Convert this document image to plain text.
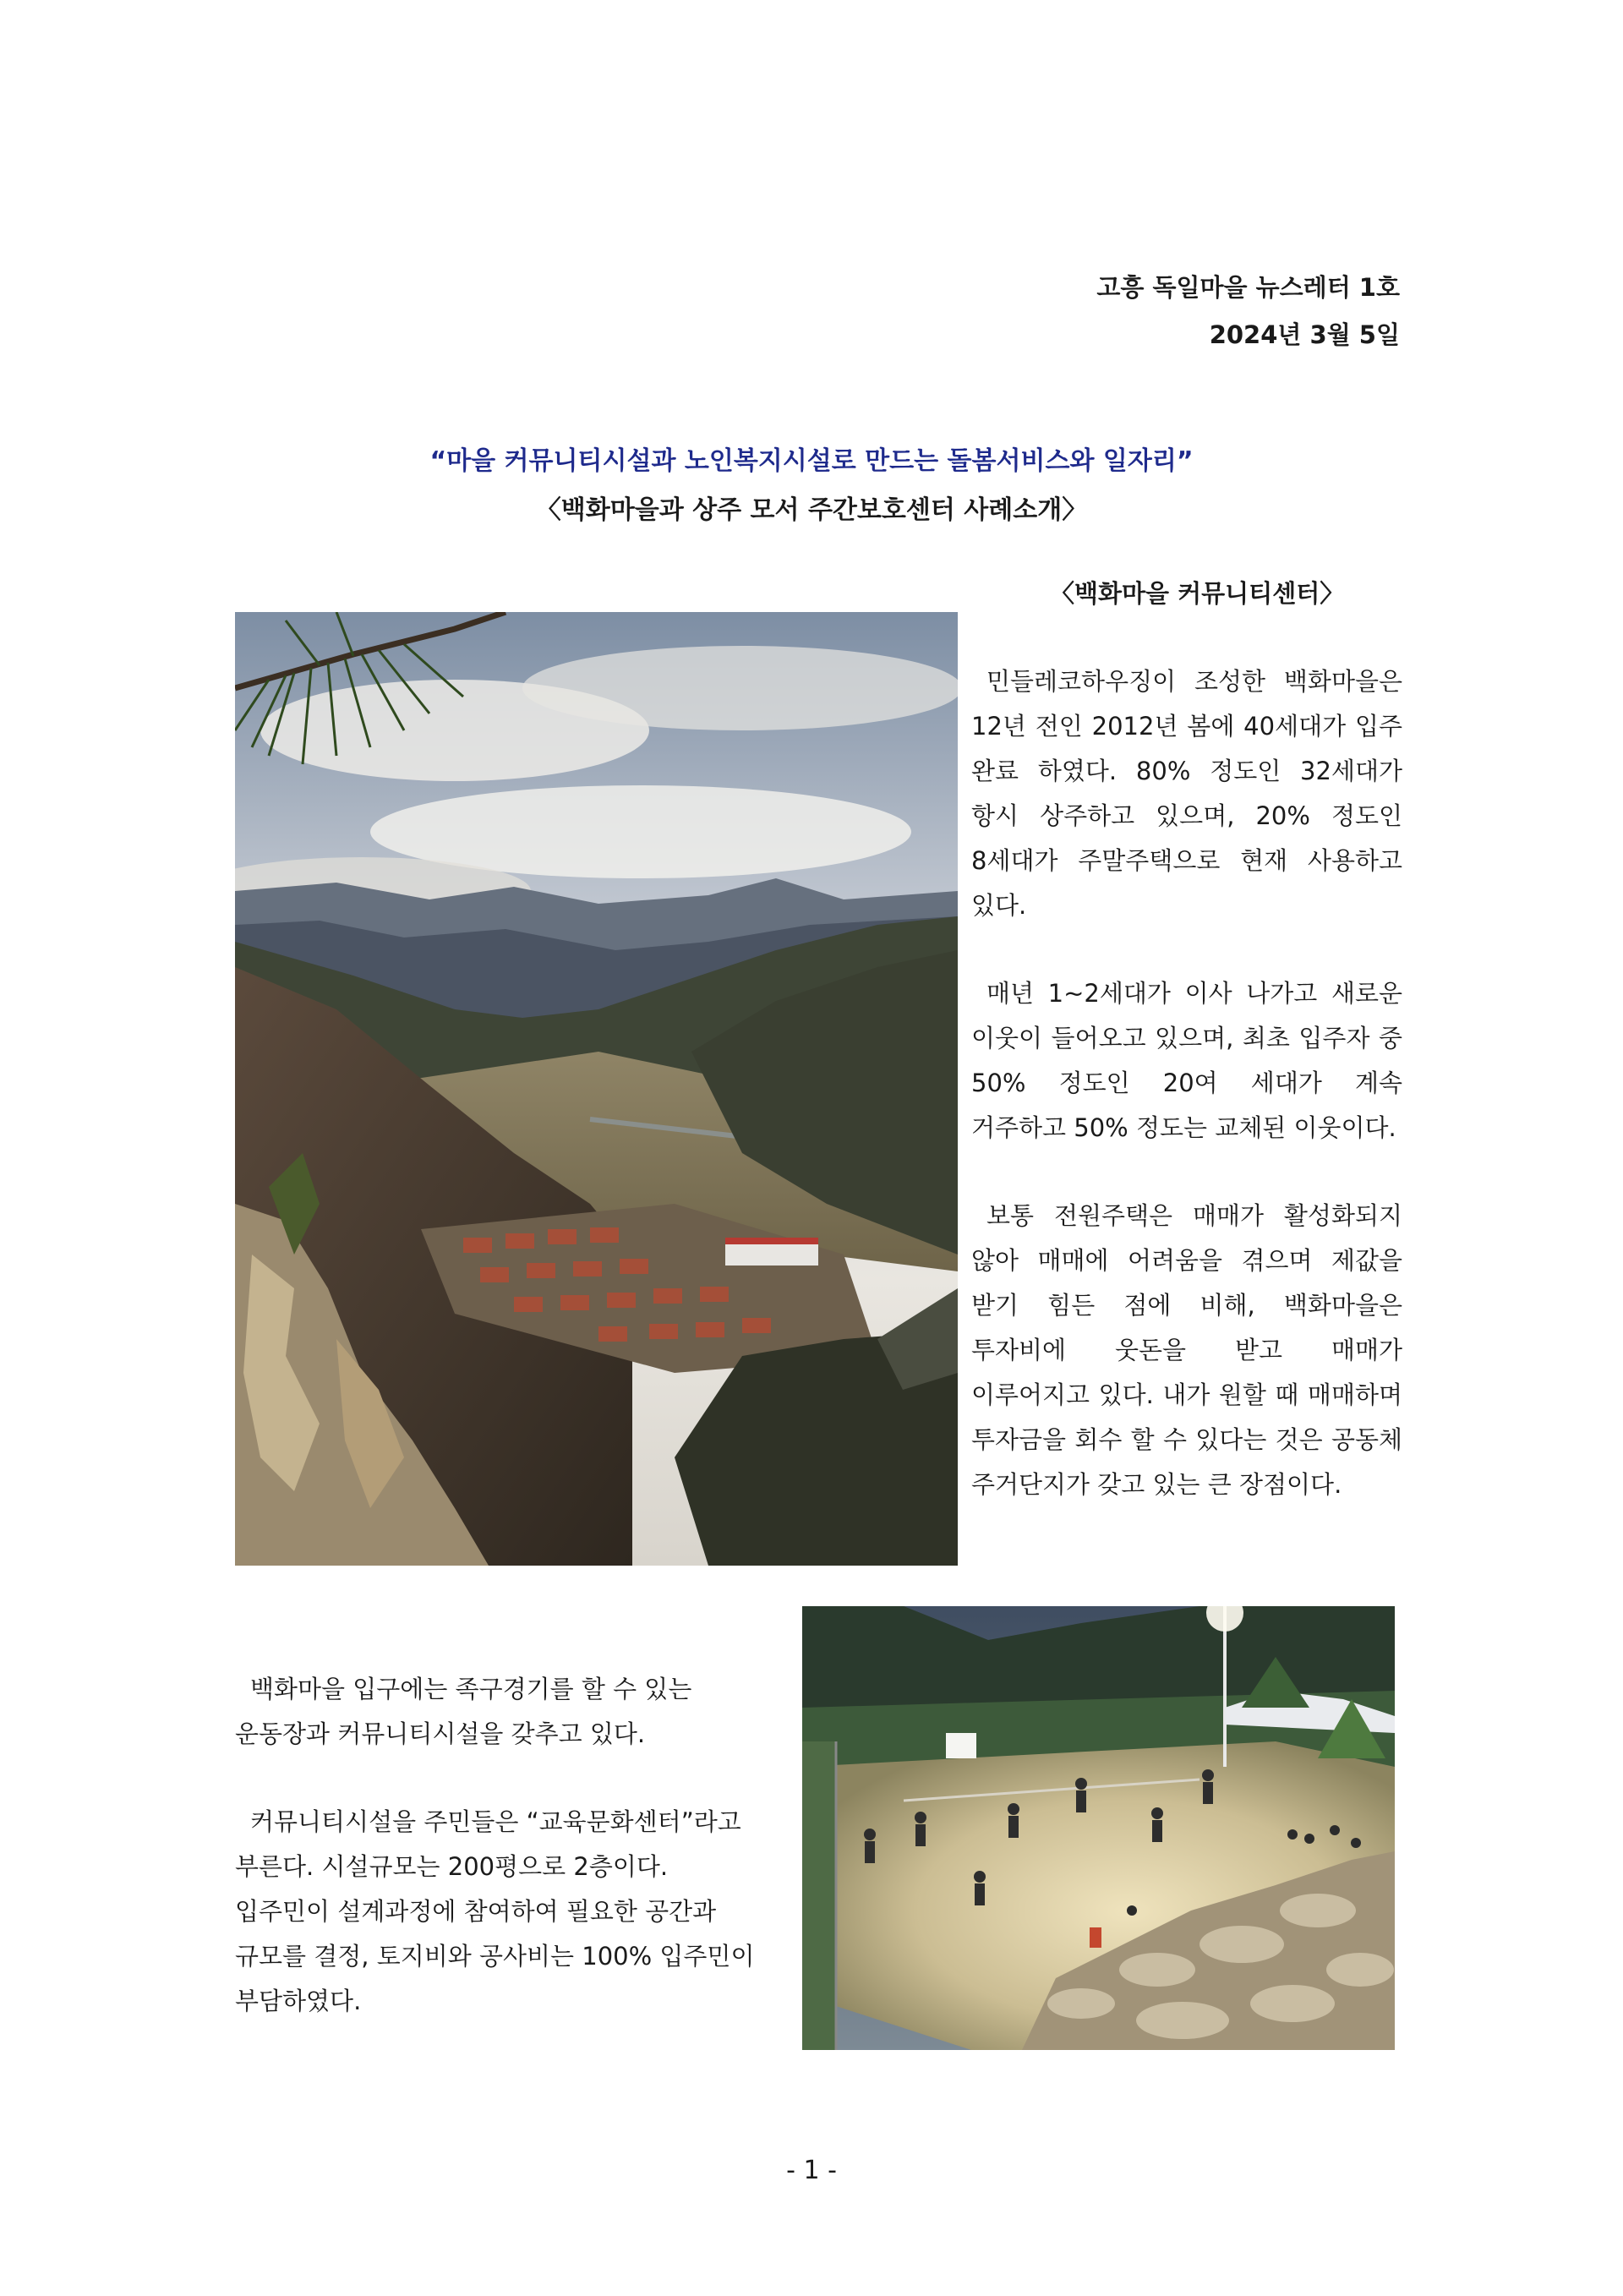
고흥 독일마을 뉴스레터 1호
2024년 3월 5일
“마을 커뮤니티시설과 노인복지시설로 만드는 돌봄서비스와 일자리”
〈백화마을과 상주 모서 주간보호센터 사례소개〉
〈백화마을 커뮤니티센터〉

민들레코하우징이 조성한 백화마을은 12년 전인 2012년 봄에 40세대가 입주 완료 하였다. 80% 정도인 32세대가 항시 상주하고 있으며, 20% 정도인 8세대가 주말주택으로 현재 사용하고 있다.

매년 1~2세대가 이사 나가고 새로운 이웃이 들어오고 있으며, 최초 입주자 중 50% 정도인 20여 세대가 계속 거주하고 50% 정도는 교체된 이웃이다.

보통 전원주택은 매매가 활성화되지 않아 매매에 어려움을 겪으며 제값을 받기 힘든 점에 비해, 백화마을은 투자비에 웃돈을 받고 매매가 이루어지고 있다. 내가 원할 때 매매하며 투자금을 회수 할 수 있다는 것은 공동체 주거단지가 갖고 있는 큰 장점이다.

백화마을 입구에는 족구경기를 할 수 있는 운동장과 커뮤니티시설을 갖추고 있다.

커뮤니티시설을 주민들은 “교육문화센터”라고 부른다. 시설규모는 200평으로 2층이다. 입주민이 설계과정에 참여하여 필요한 공간과 규모를 결정, 토지비와 공사비는 100% 입주민이 부담하였다.

- 1 -
